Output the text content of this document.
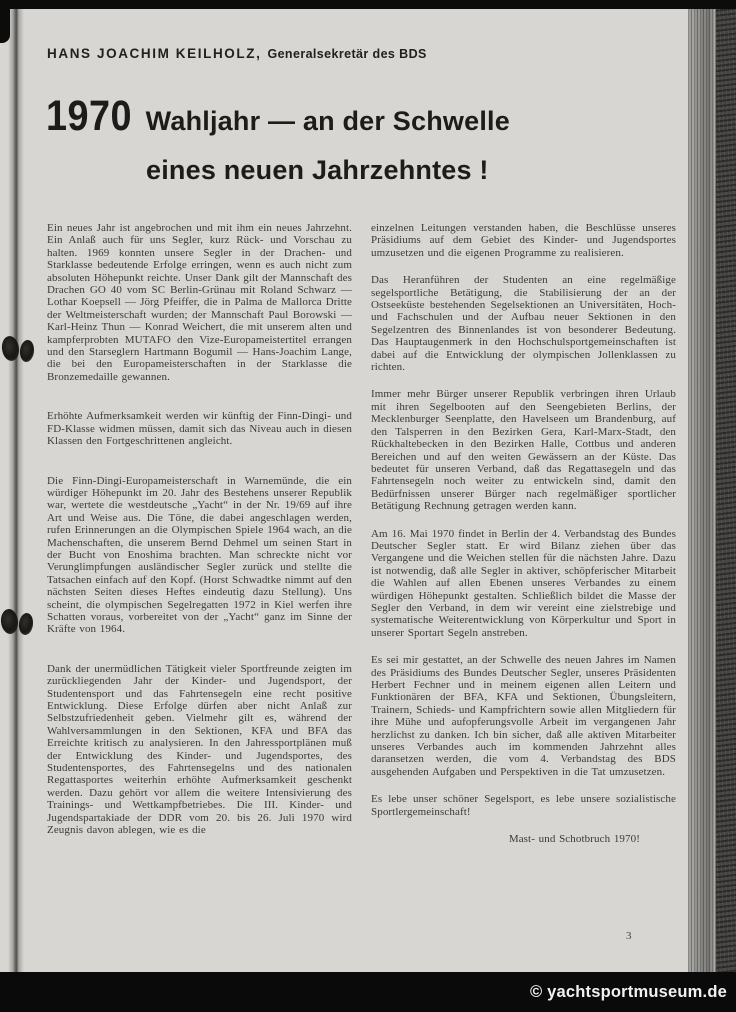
HANS JOACHIM KEILHOLZ, Generalsekretär des BDS
1970 Wahljahr — an der Schwelle
eines neuen Jahrzehntes !

Ein neues Jahr ist angebrochen und mit ihm ein neues Jahrzehnt. Ein Anlaß auch für uns Segler, kurz Rück- und Vorschau zu halten. 1969 konnten unsere Segler in der Drachen- und Starklasse bedeutende Erfolge erringen, wenn es auch nicht zum absoluten Höhepunkt reichte. Unser Dank gilt der Mannschaft des Drachen GO 40 vom SC Berlin-Grünau mit Roland Schwarz — Lothar Koepsell — Jörg Pfeiffer, die in Palma de Mallorca Dritte der Weltmeisterschaft wurden; der Mannschaft Paul Borowski — Karl-Heinz Thun — Konrad Weichert, die mit unserem alten und kampferprobten MUTAFO den Vize-Europameistertitel errangen und den Starseglern Hartmann Bogumil — Hans-Joachim Lange, die bei den Europameisterschaften in der Starklasse die Bronzemedaille gewannen.

Erhöhte Aufmerksamkeit werden wir künftig der Finn-Dingi- und FD-Klasse widmen müssen, damit sich das Niveau auch in diesen Klassen den Fortgeschrittenen angleicht.

Die Finn-Dingi-Europameisterschaft in Warnemünde, die ein würdiger Höhepunkt im 20. Jahr des Bestehens unserer Republik war, wertete die westdeutsche „Yacht“ in der Nr. 19/69 auf ihre Art und Weise aus. Die Töne, die dabei angeschlagen werden, rufen Erinnerungen an die Olympischen Spiele 1964 wach, an die Machenschaften, die unserem Bernd Dehmel um seinen Start in der Bucht von Enoshima brachten. Man schreckte nicht vor Verunglimpfungen ausländischer Segler zurück und stellte die Tatsachen einfach auf den Kopf. (Horst Schwadtke nimmt auf den nächsten Seiten dieses Heftes eindeutig dazu Stellung). Uns scheint, die olympischen Segelregatten 1972 in Kiel werfen ihre Schatten voraus, vorbereitet von der „Yacht“ ganz im Sinne der Kräfte von 1964.

Dank der unermüdlichen Tätigkeit vieler Sportfreunde zeigten im zurückliegenden Jahr der Kinder- und Jugendsport, der Studentensport und das Fahrtensegeln eine recht positive Entwicklung. Diese Erfolge dürfen aber nicht Anlaß zur Selbstzufriedenheit geben. Vielmehr gilt es, während der Wahlversammlungen in den Sektionen, KFA und BFA das Erreichte kritisch zu analysieren. In den Jahressportplänen muß der Entwicklung des Kinder- und Jugendsportes, des Studentensportes, des Fahrtensegelns und des nationalen Regattasportes weiterhin erhöhte Aufmerksamkeit geschenkt werden. Dazu gehört vor allem die weitere Intensivierung des Trainings- und Wettkampfbetriebes. Die III. Kinder- und Jugendspartakiade der DDR vom 20. bis 26. Juli 1970 wird Zeugnis davon ablegen, wie es die

einzelnen Leitungen verstanden haben, die Beschlüsse unseres Präsidiums auf dem Gebiet des Kinder- und Jugendsportes umzusetzen und die eigenen Programme zu realisieren.

Das Heranführen der Studenten an eine regelmäßige segelsportliche Betätigung, die Stabilisierung der an der Ostseeküste bestehenden Segelsektionen an Universitäten, Hoch- und Fachschulen und der Aufbau neuer Sektionen in den Segelzentren des Binnenlandes ist von besonderer Bedeutung. Das Hauptaugenmerk in den Hochschulsportgemeinschaften ist dabei auf die Entwicklung der olympischen Jollenklassen zu richten.

Immer mehr Bürger unserer Republik verbringen ihren Urlaub mit ihren Segelbooten auf den Seengebieten Berlins, der Mecklenburger Seenplatte, den Havelseen um Brandenburg, auf den Talsperren in den Bezirken Gera, Karl-Marx-Stadt, den Rückhaltebecken in den Bezirken Halle, Cottbus und anderen Bereichen und auf den weiten Gewässern an der Küste. Das bedeutet für unseren Verband, daß das Regattasegeln und das Fahrtensegeln noch weiter zu entwickeln sind, damit den Bedürfnissen unserer Bürger nach regelmäßiger sportlicher Betätigung Rechnung getragen werden kann.

Am 16. Mai 1970 findet in Berlin der 4. Verbandstag des Bundes Deutscher Segler statt. Er wird Bilanz ziehen über das Vergangene und die Weichen stellen für die nächsten Jahre. Dazu ist notwendig, daß alle Segler in aktiver, schöpferischer Mitarbeit die Wahlen auf allen Ebenen unseres Verbandes zu einem würdigen Höhepunkt gestalten. Schließlich bildet die Masse der Segler den Verband, in dem wir vereint eine zielstrebige und systematische Weiterentwicklung von Körperkultur und Sport in unserer Sportart Segeln anstreben.

Es sei mir gestattet, an der Schwelle des neuen Jahres im Namen des Präsidiums des Bundes Deutscher Segler, unseres Präsidenten Herbert Fechner und in meinem eigenen allen Leitern und Funktionären der BFA, KFA und Sektionen, Übungsleitern, Trainern, Schieds- und Kampfrichtern sowie allen Mitgliedern für ihre Mühe und aufopferungsvolle Arbeit im vergangenen Jahr herzlichst zu danken. Ich bin sicher, daß alle aktiven Mitarbeiter unseres Verbandes auch im kommenden Jahrzehnt alles daransetzen werden, die vom 4. Verbandstag des BDS ausgehenden Aufgaben und Perspektiven in die Tat umzusetzen.

Es lebe unser schöner Segelsport, es lebe unsere sozialistische Sportlergemeinschaft!

Mast- und Schotbruch 1970!

3
© yachtsportmuseum.de
